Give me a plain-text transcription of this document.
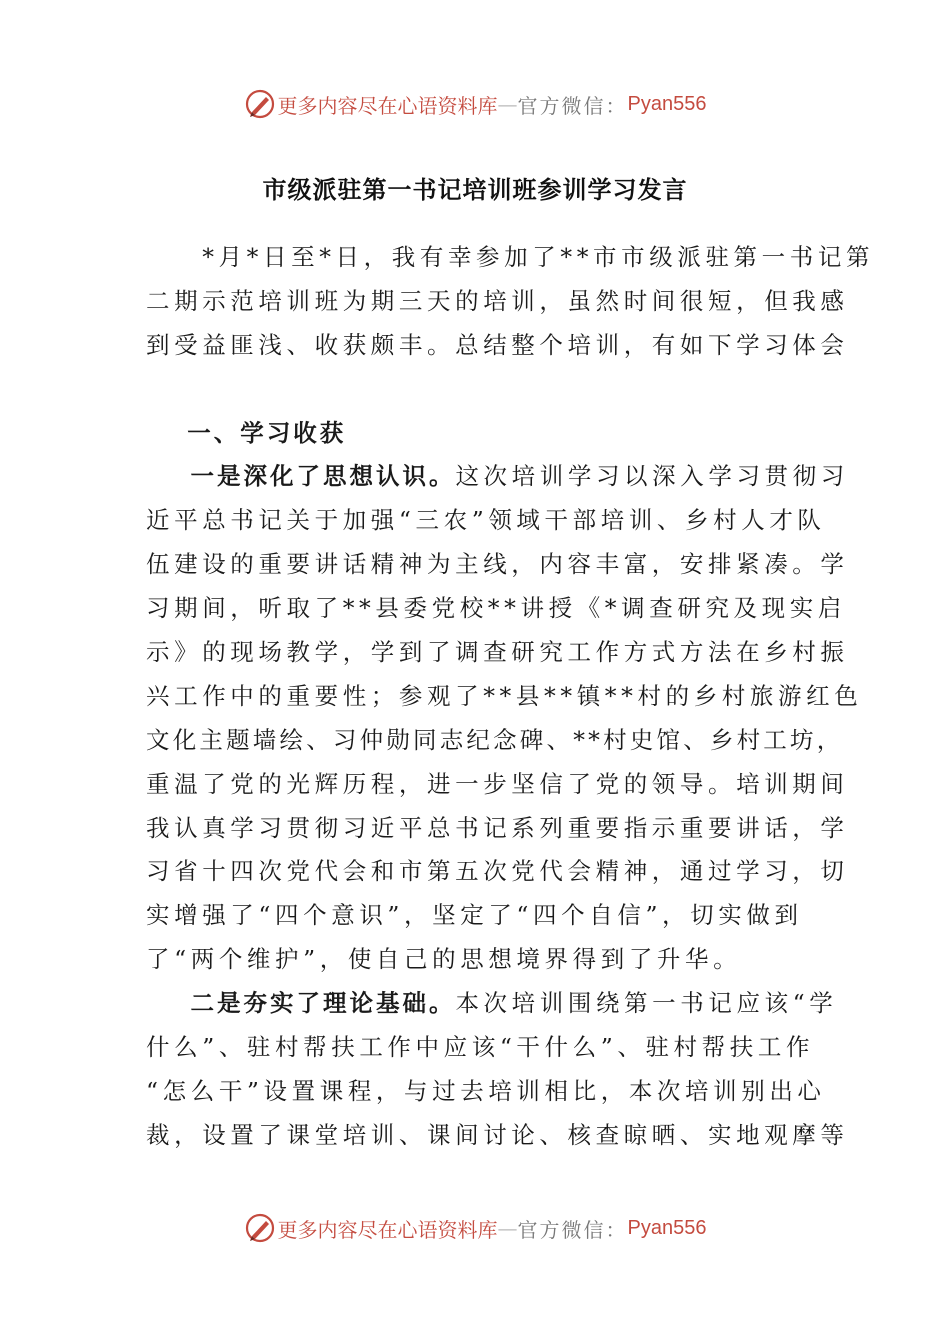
更多内容尽在心语资料库 — 官方微信： Pyan556
市级派驻第一书记培训班参训学习发言
  *月*日至*日，我有幸参加了**市市级派驻第一书记第
二期示范培训班为期三天的培训，虽然时间很短，但我感
到受益匪浅、收获颇丰。总结整个培训，有如下学习体会
  一、学习收获
  一是深化了思想认识。这次培训学习以深入学习贯彻习
近平总书记关于加强“三农”领域干部培训、乡村人才队
伍建设的重要讲话精神为主线，内容丰富，安排紧凑。学
习期间，听取了**县委党校**讲授《*调查研究及现实启
示》的现场教学，学到了调查研究工作方式方法在乡村振
兴工作中的重要性；参观了**县**镇**村的乡村旅游红色
文化主题墙绘、习仲勋同志纪念碑、**村史馆、乡村工坊，
重温了党的光辉历程，进一步坚信了党的领导。培训期间
我认真学习贯彻习近平总书记系列重要指示重要讲话，学
习省十四次党代会和市第五次党代会精神，通过学习，切
实增强了“四个意识”，坚定了“四个自信”，切实做到
了“两个维护”，使自己的思想境界得到了升华。
  二是夯实了理论基础。本次培训围绕第一书记应该“学
什么”、驻村帮扶工作中应该“干什么”、驻村帮扶工作
“怎么干”设置课程，与过去培训相比，本次培训别出心
裁，设置了课堂培训、课间讨论、核查晾晒、实地观摩等
更多内容尽在心语资料库 — 官方微信： Pyan556
